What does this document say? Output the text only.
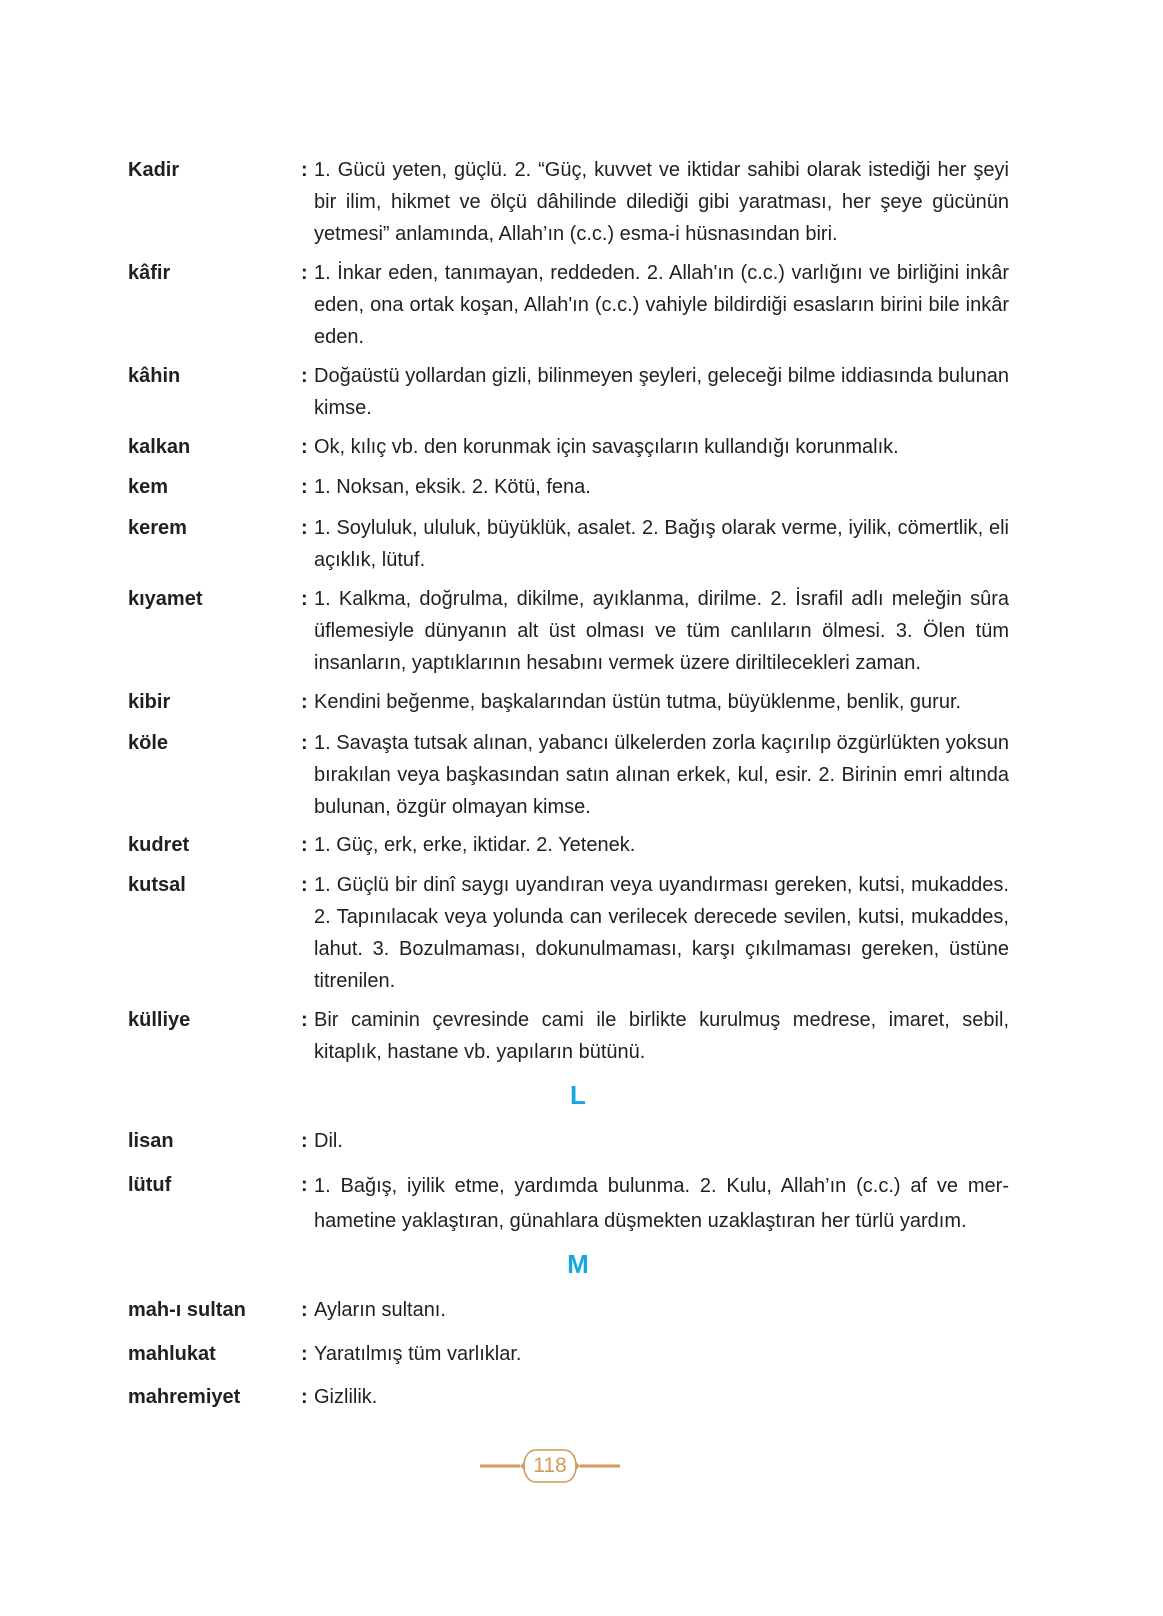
Kadir	: 1. Gücü yeten, güçlü. 2. “Güç, kuvvet ve iktidar sahibi olarak istediği her şeyi bir ilim, hikmet ve ölçü dâhilinde dilediği gibi yaratması, her şeye gücünün yetmesi” anlamında, Allah’ın (c.c.) esma-i hüsnasından biri.
kâfir	: 1. İnkar eden, tanımayan, reddeden. 2. Allah'ın (c.c.) varlığını ve birliğini inkâr eden, ona ortak koşan, Allah'ın (c.c.) vahiyle bildirdiği esasların birini bile inkâr eden.
kâhin	: Doğaüstü yollardan gizli, bilinmeyen şeyleri, geleceği bilme iddiasında bulunan kimse.
kalkan	: Ok, kılıç vb. den korunmak için savaşçıların kullandığı korunmalık.
kem	: 1. Noksan, eksik. 2. Kötü, fena.
kerem	: 1. Soyluluk, ululuk, büyüklük, asalet. 2. Bağış olarak verme, iyilik, cömertlik, eli açıklık, lütuf.
kıyamet	: 1. Kalkma, doğrulma, dikilme, ayıklanma, dirilme. 2. İsrafil adlı meleğin sûra üflemesiyle dünyanın alt üst olması ve tüm canlıların ölmesi. 3. Ölen tüm insanların, yaptıklarının hesabını vermek üzere diriltilecekleri zaman.
kibir	: Kendini beğenme, başkalarından üstün tutma, büyüklenme, benlik, gurur.
köle	: 1. Savaşta tutsak alınan, yabancı ülkelerden zorla kaçırılıp özgürlükten yoksun bırakılan veya başkasından satın alınan erkek, kul, esir. 2. Birinin emri altında bulunan, özgür olmayan kimse.
kudret	: 1. Güç, erk, erke, iktidar. 2. Yetenek.
kutsal	: 1. Güçlü bir dinî saygı uyandıran veya uyandırması gereken, kutsi, mukaddes. 2. Tapınılacak veya yolunda can verilecek derecede sevilen, kutsi, mukaddes, lahut. 3. Bozulmaması, dokunulmaması, karşı çıkılmaması gereken, üstüne titrenilen.
külliye	: Bir caminin çevresinde cami ile birlikte kurulmuş medrese, imaret, sebil, kitaplık, hastane vb. yapıların bütünü.
L
lisan	: Dil.
lütuf	: 1. Bağış, iyilik etme, yardımda bulunma. 2. Kulu, Allah’ın (c.c.) af ve merhametine yaklaştıran, günahlara düşmekten uzaklaştıran her türlü yardım.
M
mah-ı sultan	: Ayların sultanı.
mahlukat	: Yaratılmış tüm varlıklar.
mahremiyet	: Gizlilik.
118
